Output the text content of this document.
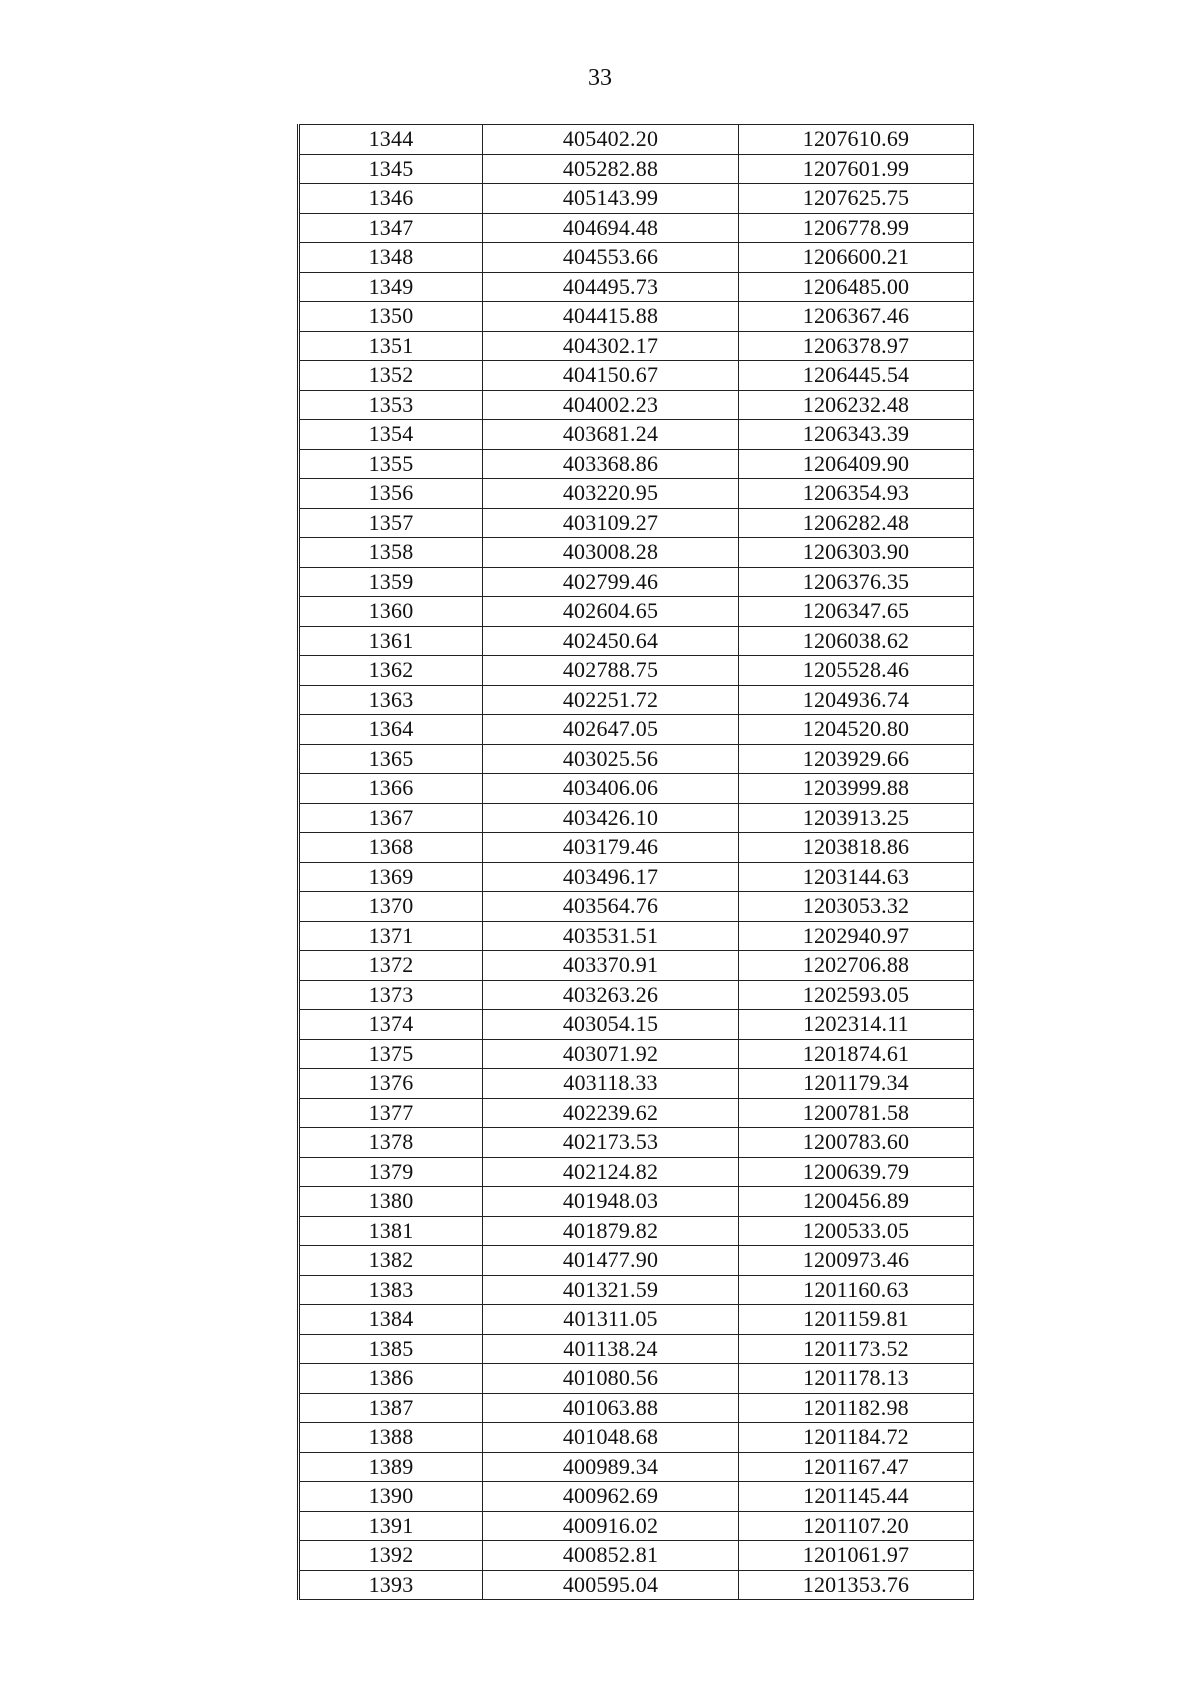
33
1344	405402.20	1207610.69
1345	405282.88	1207601.99
1346	405143.99	1207625.75
1347	404694.48	1206778.99
1348	404553.66	1206600.21
1349	404495.73	1206485.00
1350	404415.88	1206367.46
1351	404302.17	1206378.97
1352	404150.67	1206445.54
1353	404002.23	1206232.48
1354	403681.24	1206343.39
1355	403368.86	1206409.90
1356	403220.95	1206354.93
1357	403109.27	1206282.48
1358	403008.28	1206303.90
1359	402799.46	1206376.35
1360	402604.65	1206347.65
1361	402450.64	1206038.62
1362	402788.75	1205528.46
1363	402251.72	1204936.74
1364	402647.05	1204520.80
1365	403025.56	1203929.66
1366	403406.06	1203999.88
1367	403426.10	1203913.25
1368	403179.46	1203818.86
1369	403496.17	1203144.63
1370	403564.76	1203053.32
1371	403531.51	1202940.97
1372	403370.91	1202706.88
1373	403263.26	1202593.05
1374	403054.15	1202314.11
1375	403071.92	1201874.61
1376	403118.33	1201179.34
1377	402239.62	1200781.58
1378	402173.53	1200783.60
1379	402124.82	1200639.79
1380	401948.03	1200456.89
1381	401879.82	1200533.05
1382	401477.90	1200973.46
1383	401321.59	1201160.63
1384	401311.05	1201159.81
1385	401138.24	1201173.52
1386	401080.56	1201178.13
1387	401063.88	1201182.98
1388	401048.68	1201184.72
1389	400989.34	1201167.47
1390	400962.69	1201145.44
1391	400916.02	1201107.20
1392	400852.81	1201061.97
1393	400595.04	1201353.76
